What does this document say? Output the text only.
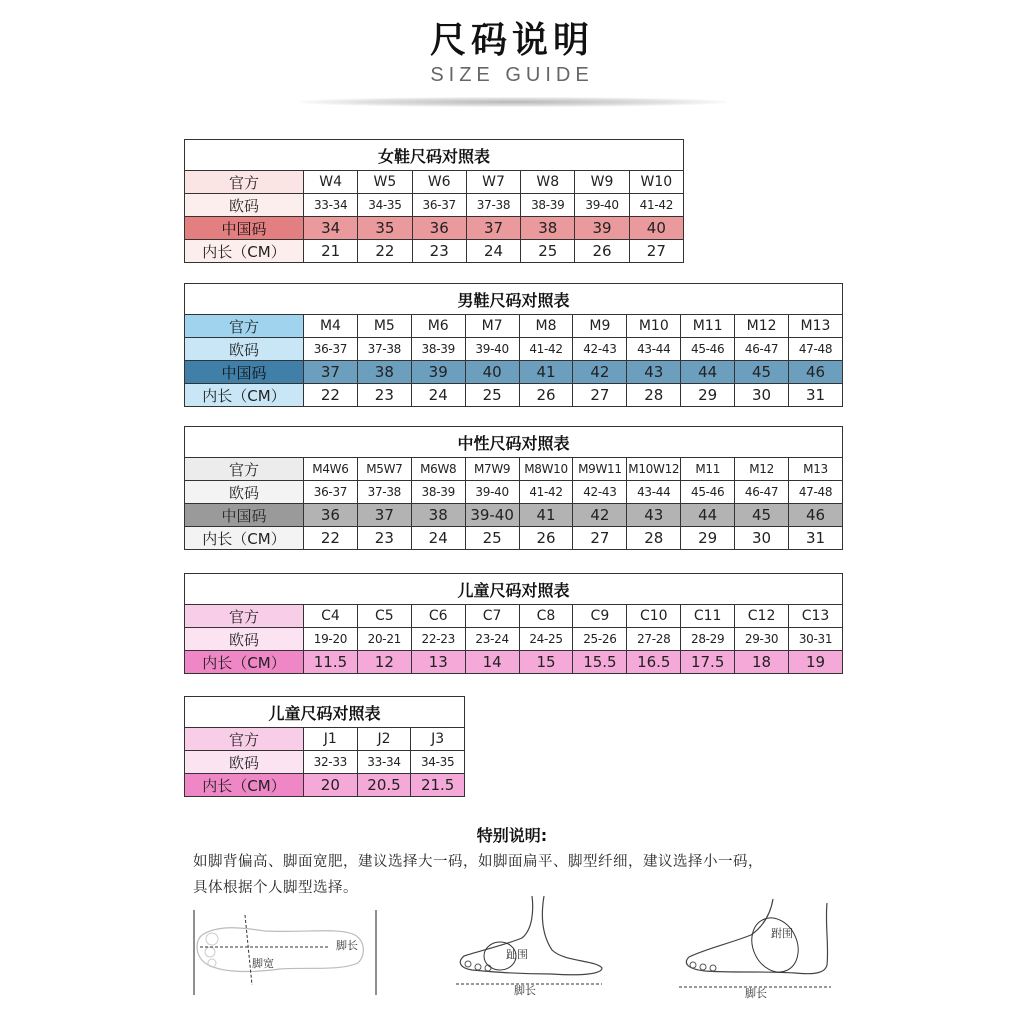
尺码说明
SIZE GUIDE
女鞋尺码对照表							
官方	W4	W5	W6	W7	W8	W9	W10
欧码	33-34	34-35	36-37	37-38	38-39	39-40	41-42
中国码	34	35	36	37	38	39	40
内长（CM）	21	22	23	24	25	26	27
男鞋尺码对照表										
官方	M4	M5	M6	M7	M8	M9	M10	M11	M12	M13
欧码	36-37	37-38	38-39	39-40	41-42	42-43	43-44	45-46	46-47	47-48
中国码	37	38	39	40	41	42	43	44	45	46
内长（CM）	22	23	24	25	26	27	28	29	30	31
中性尺码对照表										
官方	M4W6	M5W7	M6W8	M7W9	M8W10	M9W11	M10W12	M11	M12	M13
欧码	36-37	37-38	38-39	39-40	41-42	42-43	43-44	45-46	46-47	47-48
中国码	36	37	38	39-40	41	42	43	44	45	46
内长（CM）	22	23	24	25	26	27	28	29	30	31
儿童尺码对照表										
官方	C4	C5	C6	C7	C8	C9	C10	C11	C12	C13
欧码	19-20	20-21	22-23	23-24	24-25	25-26	27-28	28-29	29-30	30-31
内长（CM）	11.5	12	13	14	15	15.5	16.5	17.5	18	19
儿童尺码对照表			
官方	J1	J2	J3
欧码	32-33	33-34	34-35
内长（CM）	20	20.5	21.5
特别说明:
如脚背偏高、脚面宽肥，建议选择大一码，如脚面扁平、脚型纤细，建议选择小一码，
具体根据个人脚型选择。
脚长
脚宽
趾围
脚长
跗围
脚长
